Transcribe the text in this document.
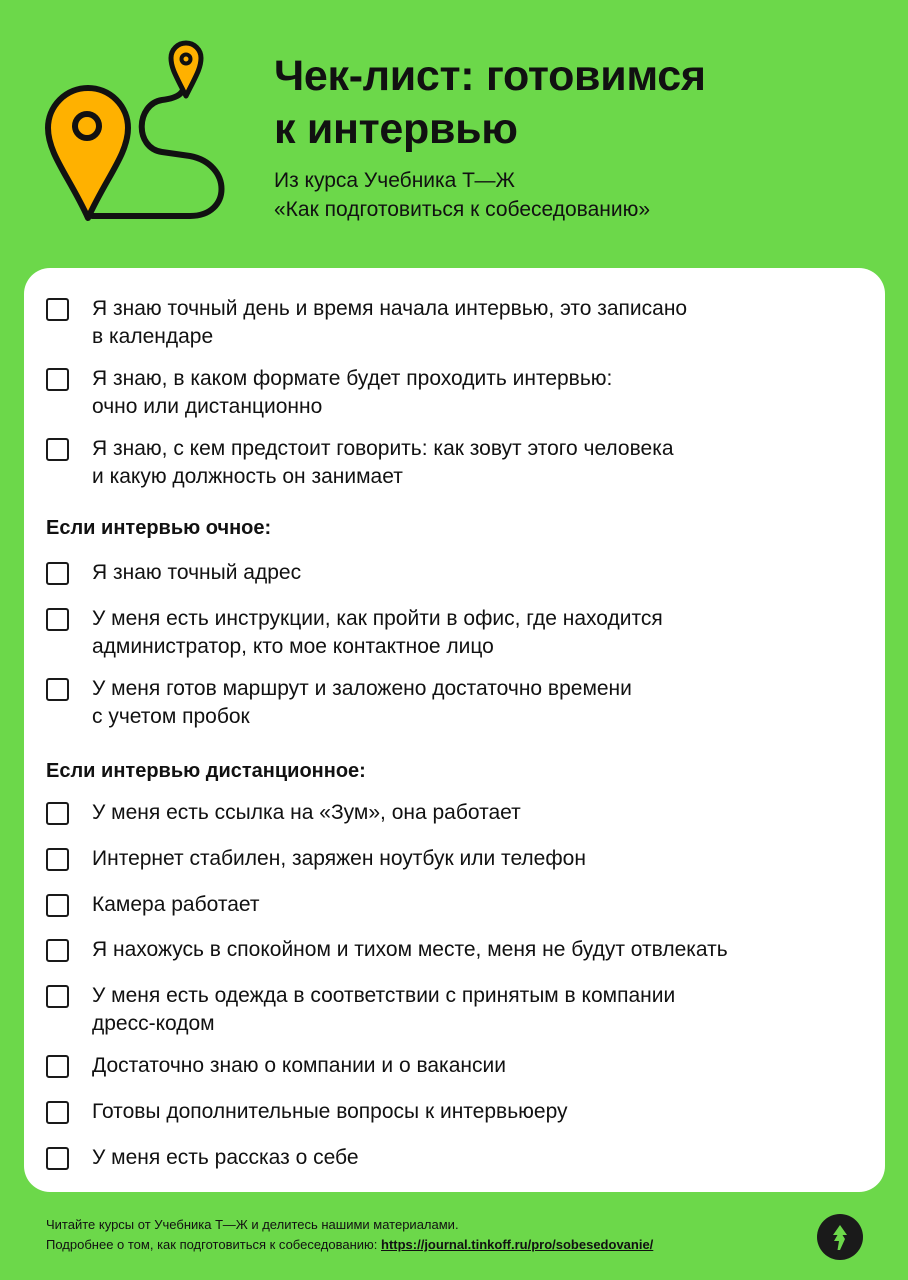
Чек-лист: готовимся
к интервью

Из курса Учебника Т—Ж
«Как подготовиться к собеседованию»

Я знаю точный день и время начала интервью, это записано
в календаре
Я знаю, в каком формате будет проходить интервью:
очно или дистанционно
Я знаю, с кем предстоит говорить: как зовут этого человека
и какую должность он занимает
Если интервью очное:
Я знаю точный адрес
У меня есть инструкции, как пройти в офис, где находится
администратор, кто мое контактное лицо
У меня готов маршрут и заложено достаточно времени
с учетом пробок
Если интервью дистанционное:
У меня есть ссылка на «Зум», она работает
Интернет стабилен, заряжен ноутбук или телефон
Камера работает
Я нахожусь в спокойном и тихом месте, меня не будут отвлекать
У меня есть одежда в соответствии с принятым в компании
дресс-кодом
Достаточно знаю о компании и о вакансии
Готовы дополнительные вопросы к интервьюеру
У меня есть рассказ о себе
Читайте курсы от Учебника Т—Ж и делитесь нашими материалами.
Подробнее о том, как подготовиться к собеседованию: https://journal.tinkoff.ru/pro/sobesedovanie/
